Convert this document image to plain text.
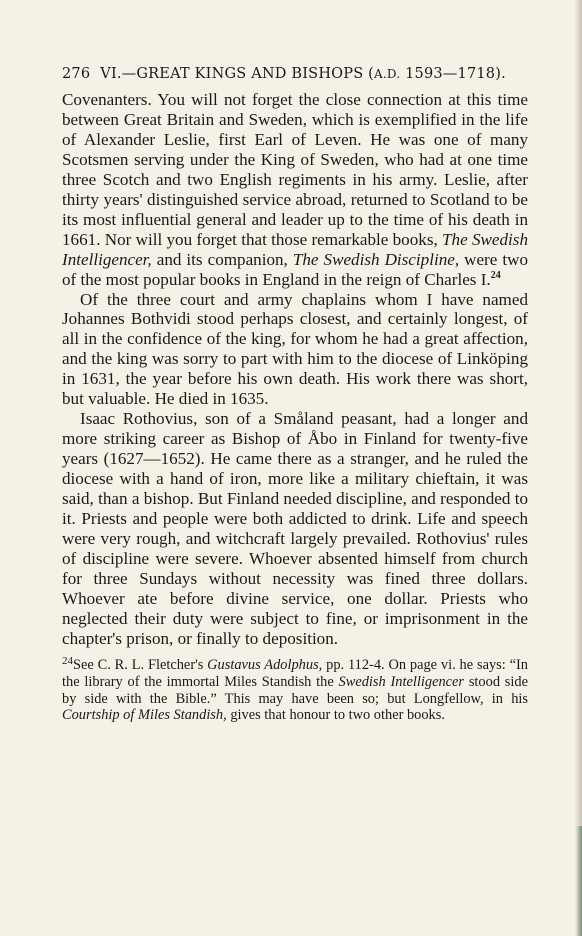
276 VI.—GREAT KINGS AND BISHOPS (A.D. 1593—1718).

Covenanters. You will not forget the close connection at this time between Great Britain and Sweden, which is exemplified in the life of Alexander Leslie, first Earl of Leven. He was one of many Scotsmen serving under the King of Sweden, who had at one time three Scotch and two English regiments in his army. Leslie, after thirty years' distinguished service abroad, returned to Scotland to be its most influential general and leader up to the time of his death in 1661. Nor will you forget that those remarkable books, The Swedish Intelligencer, and its companion, The Swedish Discipline, were two of the most popular books in England in the reign of Charles I.$^{24}$

Of the three court and army chaplains whom I have named Johannes Bothvidi stood perhaps closest, and certainly longest, of all in the confidence of the king, for whom he had a great affection, and the king was sorry to part with him to the diocese of Linköping in 1631, the year before his own death. His work there was short, but valuable. He died in 1635.

Isaac Rothovius, son of a Småland peasant, had a longer and more striking career as Bishop of Åbo in Finland for twenty-five years (1627—1652). He came there as a stranger, and he ruled the diocese with a hand of iron, more like a military chieftain, it was said, than a bishop. But Finland needed discipline, and responded to it. Priests and people were both addicted to drink. Life and speech were very rough, and witchcraft largely prevailed. Rothovius' rules of discipline were severe. Whoever absented himself from church for three Sundays without necessity was fined three dollars. Whoever ate before divine service, one dollar. Priests who neglected their duty were subject to fine, or imprisonment in the chapter's prison, or finally to deposition.

$^{24}$See C. R. L. Fletcher's Gustavus Adolphus, pp. 112-4. On page vi. he says: “In the library of the immortal Miles Standish the Swedish Intelligencer stood side by side with the Bible.” This may have been so; but Longfellow, in his Courtship of Miles Standish, gives that honour to two other books.
